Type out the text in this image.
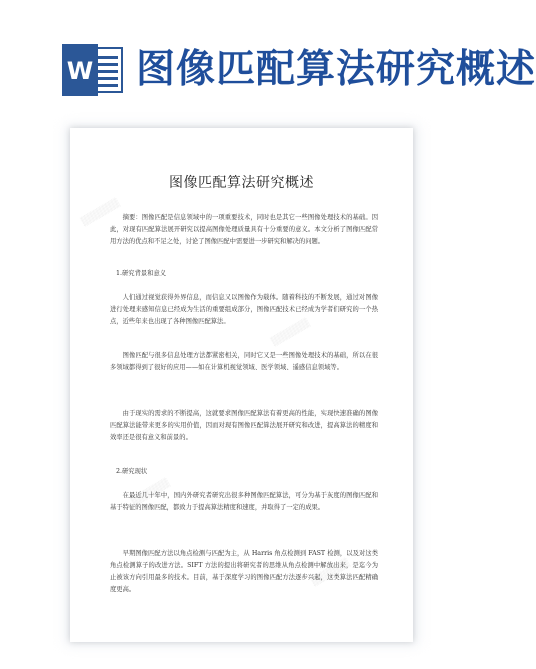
W 图像匹配算法研究概述
▒▒▒▒▒▒
▒▒▒▒▒▒
▒▒▒▒▒▒
▒▒▒▒▒▒
图像匹配算法研究概述

摘要：图像匹配是信息领域中的一项重要技术，同时也是其它一些图像处理技术的基础。因此，对现有匹配算法展开研究以提高图像处理质量具有十分重要的意义。本文分析了图像匹配常用方法的优点和不足之处，讨论了图像匹配中需要进一步研究和解决的问题。

1.研究背景和意义

人们通过视觉获得外界信息，而信息又以图像作为载体。随着科技的不断发展，通过对图像进行处理来感知信息已经成为生活的重要组成部分，图像匹配技术已经成为学者们研究的一个热点，近些年来也出现了各种图像匹配算法。

图像匹配与很多信息处理方法都紧密相关，同时它又是一些图像处理技术的基础，所以在很多领域都得到了很好的应用——如在计算机视觉领域、医学领域、遥感信息领域等。

由于现实的需求的不断提高，这就要求图像匹配算法有着更高的性能，实现快速准确的图像匹配算法能带来更多的实用价值，因而对现有图像匹配算法展开研究和改进，提高算法的精度和效率还是很有意义和前景的。

2.研究现状

在最近几十年中，国内外研究者研究出很多种图像匹配算法，可分为基于灰度的图像匹配和基于特征的图像匹配，都致力于提高算法精度和速度，并取得了一定的成果。

早期图像匹配方法以角点检测与匹配为主，从 Harris 角点检测到 FAST 检测，以及对这类角点检测算子的改进方法。SIFT 方法的提出将研究者的思维从角点检测中解放出来，是迄今为止被该方向引用最多的技术。目前，基于深度学习的图像匹配方法逐步兴起，这类算法匹配精确度更高。
